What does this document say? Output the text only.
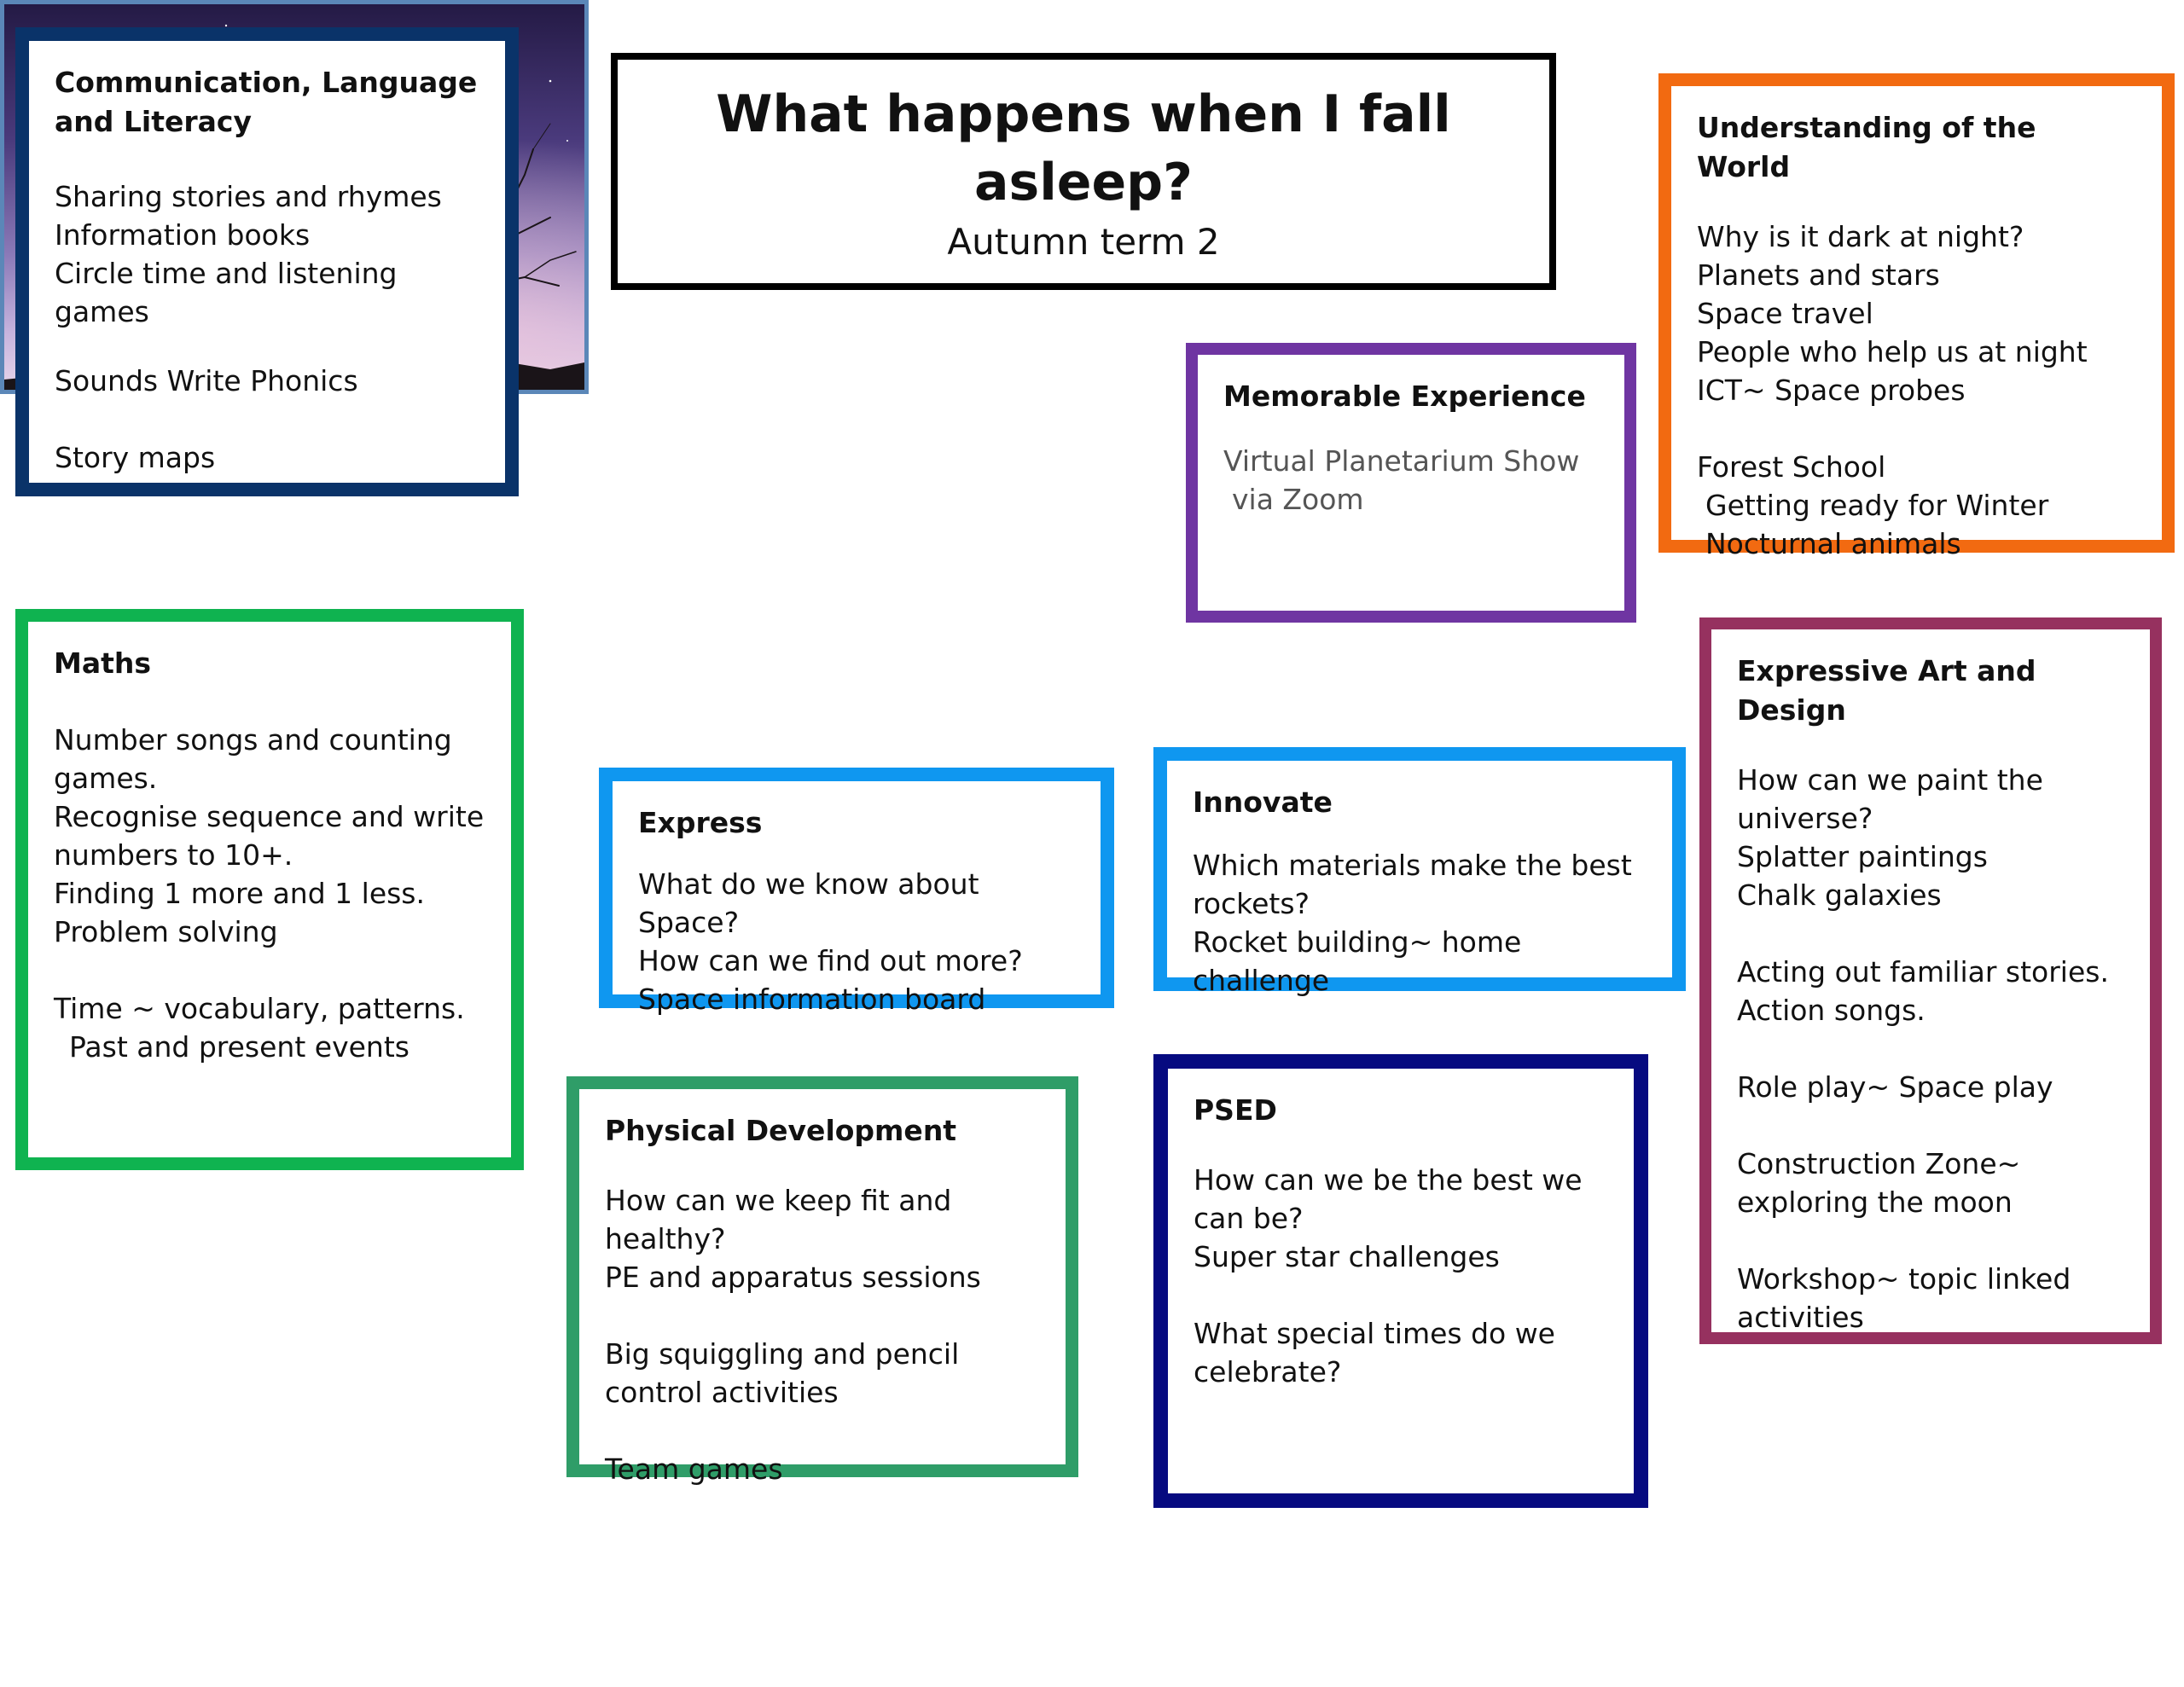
What happens when I fall asleep?
Autumn term 2
Communication, Language and Literacy

Sharing stories and rhymes

Information books

Circle time and listening games

Sounds Write Phonics

Story maps

Understanding of the World

Why is it dark at night?

Planets and stars

Space travel

People who help us at night

ICT~ Space probes

Forest School

Getting ready for Winter

Nocturnal animals

Memorable Experience

Virtual Planetarium Show

via Zoom

Maths

Number songs and counting games.

Recognise sequence and write numbers to 10+.

Finding 1 more and 1 less.

Problem solving

Time ~ vocabulary, patterns.

Past and present events

Expressive Art and Design

How can we paint the universe?

Splatter paintings

Chalk galaxies

Acting out familiar stories.

Action songs.

Role play~ Space play

Construction Zone~ exploring the moon

Workshop~ topic linked activities

Express

What do we know about Space?

How can we find out more?

Space information board

Innovate

Which materials make the best rockets?

Rocket building~ home challenge

Physical Development

How can we keep fit and healthy?

PE and apparatus sessions

Big squiggling and pencil control activities

Team games

PSED

How can we be the best we can be?

Super star challenges

What special times do we celebrate?
